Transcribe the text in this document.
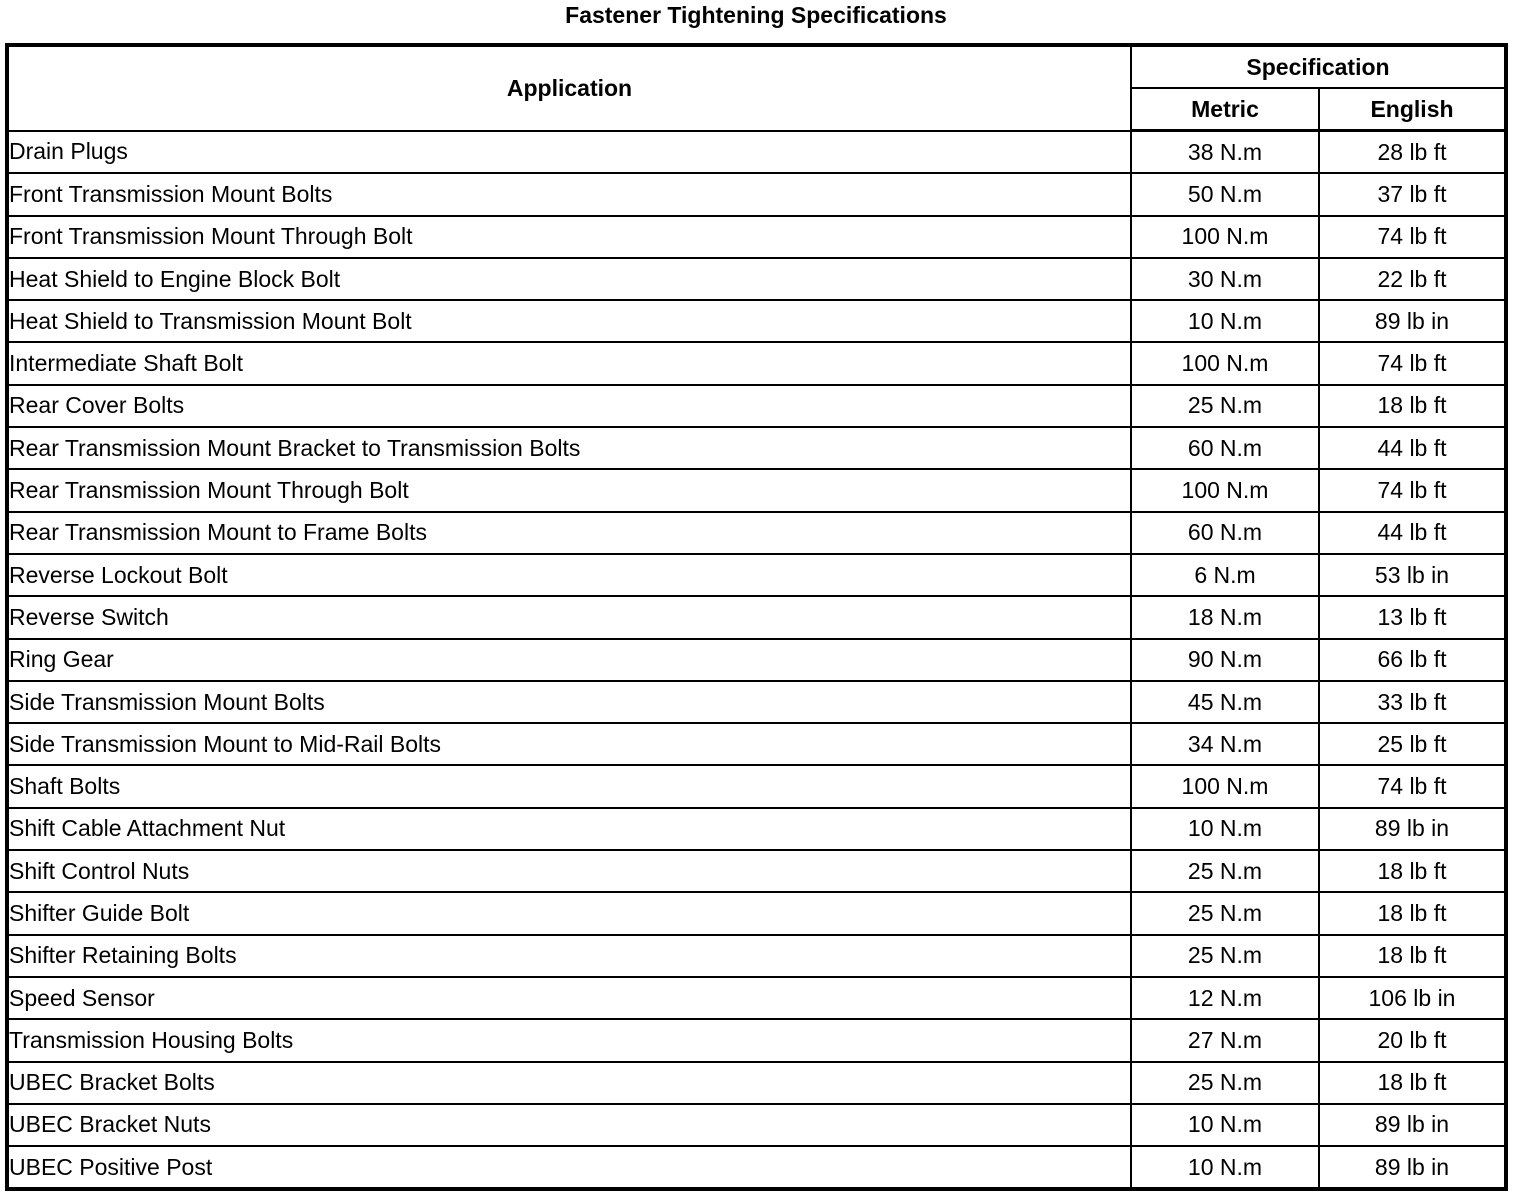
Fastener Tightening Specifications
Application	Specification	
	Metric	English
Drain Plugs	38 N.m	28 lb ft
Front Transmission Mount Bolts	50 N.m	37 lb ft
Front Transmission Mount Through Bolt	100 N.m	74 lb ft
Heat Shield to Engine Block Bolt	30 N.m	22 lb ft
Heat Shield to Transmission Mount Bolt	10 N.m	89 lb in
Intermediate Shaft Bolt	100 N.m	74 lb ft
Rear Cover Bolts	25 N.m	18 lb ft
Rear Transmission Mount Bracket to Transmission Bolts	60 N.m	44 lb ft
Rear Transmission Mount Through Bolt	100 N.m	74 lb ft
Rear Transmission Mount to Frame Bolts	60 N.m	44 lb ft
Reverse Lockout Bolt	6 N.m	53 lb in
Reverse Switch	18 N.m	13 lb ft
Ring Gear	90 N.m	66 lb ft
Side Transmission Mount Bolts	45 N.m	33 lb ft
Side Transmission Mount to Mid-Rail Bolts	34 N.m	25 lb ft
Shaft Bolts	100 N.m	74 lb ft
Shift Cable Attachment Nut	10 N.m	89 lb in
Shift Control Nuts	25 N.m	18 lb ft
Shifter Guide Bolt	25 N.m	18 lb ft
Shifter Retaining Bolts	25 N.m	18 lb ft
Speed Sensor	12 N.m	106 lb in
Transmission Housing Bolts	27 N.m	20 lb ft
UBEC Bracket Bolts	25 N.m	18 lb ft
UBEC Bracket Nuts	10 N.m	89 lb in
UBEC Positive Post	10 N.m	89 lb in
